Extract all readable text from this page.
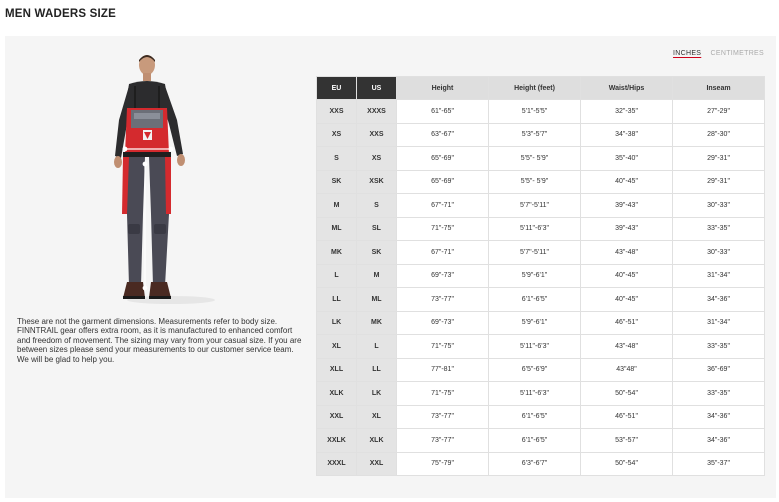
MEN WADERS SIZE
INCHES CENTIMETRES
These are not the garment dimensions. Measurements refer to body size. FINNTRAIL gear offers extra room, as it is manufactured to enhanced comfort and freedom of movement. The sizing may vary from your casual size. If you are between sizes please send your measurements to our customer service team. We will be glad to help you.
EU	US	Height	Height (feet)	Waist/Hips	Inseam
XXS	XXXS	61"-65"	5'1"-5'5"	32"-35"	27"-29"
XS	XXS	63"-67"	5'3"-5'7"	34"-38"	28"-30"
S	XS	65"-69"	5'5"- 5'9"	35"-40"	29"-31"
SK	XSK	65"-69"	5'5"- 5'9"	40"-45"	29"-31"
M	S	67"-71"	5'7"-5'11"	39"-43"	30"-33"
ML	SL	71"-75"	5'11"-6'3"	39"-43"	33"-35"
MK	SK	67"-71"	5'7"-5'11"	43"-48"	30"-33"
L	M	69"-73"	5'9"-6'1"	40"-45"	31"-34"
LL	ML	73"-77"	6'1"-6'5"	40"-45"	34"-36"
LK	MK	69"-73"	5'9"-6'1"	46"-51"	31"-34"
XL	L	71"-75"	5'11"-6'3"	43"-48"	33"-35"
XLL	LL	77"-81"	6'5"-6'9"	43"48"	36"-69"
XLK	LK	71"-75"	5'11"-6'3"	50"-54"	33"-35"
XXL	XL	73"-77"	6'1"-6'5"	46"-51"	34"-36"
XXLK	XLK	73"-77"	6'1"-6'5"	53"-57"	34"-36"
XXXL	XXL	75"-79"	6'3"-6'7"	50"-54"	35"-37"
